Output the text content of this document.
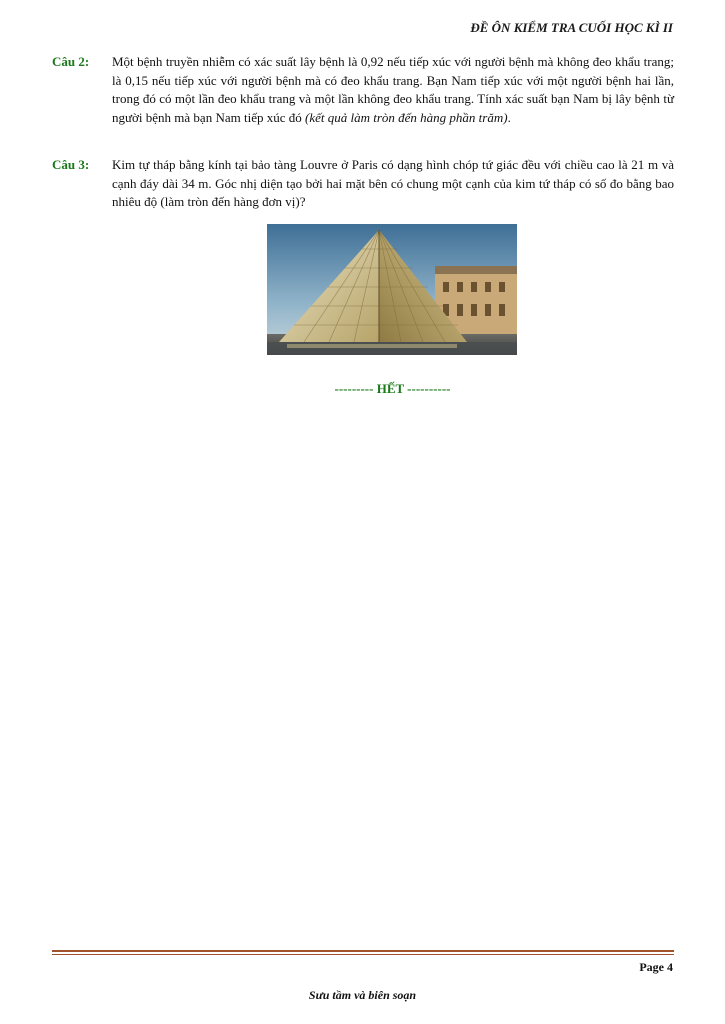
ĐỀ ÔN KIỂM TRA CUỐI HỌC KÌ II
Câu 2:	Một bệnh truyền nhiễm có xác suất lây bệnh là 0,92 nếu tiếp xúc với người bệnh mà không đeo khẩu trang; là 0,15 nếu tiếp xúc với người bệnh mà có đeo khẩu trang. Bạn Nam tiếp xúc với một người bệnh hai lần, trong đó có một lần đeo khẩu trang và một lần không đeo khẩu trang. Tính xác suất bạn Nam bị lây bệnh từ người bệnh mà bạn Nam tiếp xúc đó (kết quả làm tròn đến hàng phần trăm).
Câu 3:	Kim tự tháp bằng kính tại bảo tàng Louvre ở Paris có dạng hình chóp tứ giác đều với chiều cao là 21 m và cạnh đáy dài 34 m. Góc nhị diện tạo bởi hai mặt bên có chung một cạnh của kim tứ tháp có số đo bằng bao nhiêu độ (làm tròn đến hàng đơn vị)?
--------- HẾT ----------
Page 4
Sưu tầm và biên soạn
